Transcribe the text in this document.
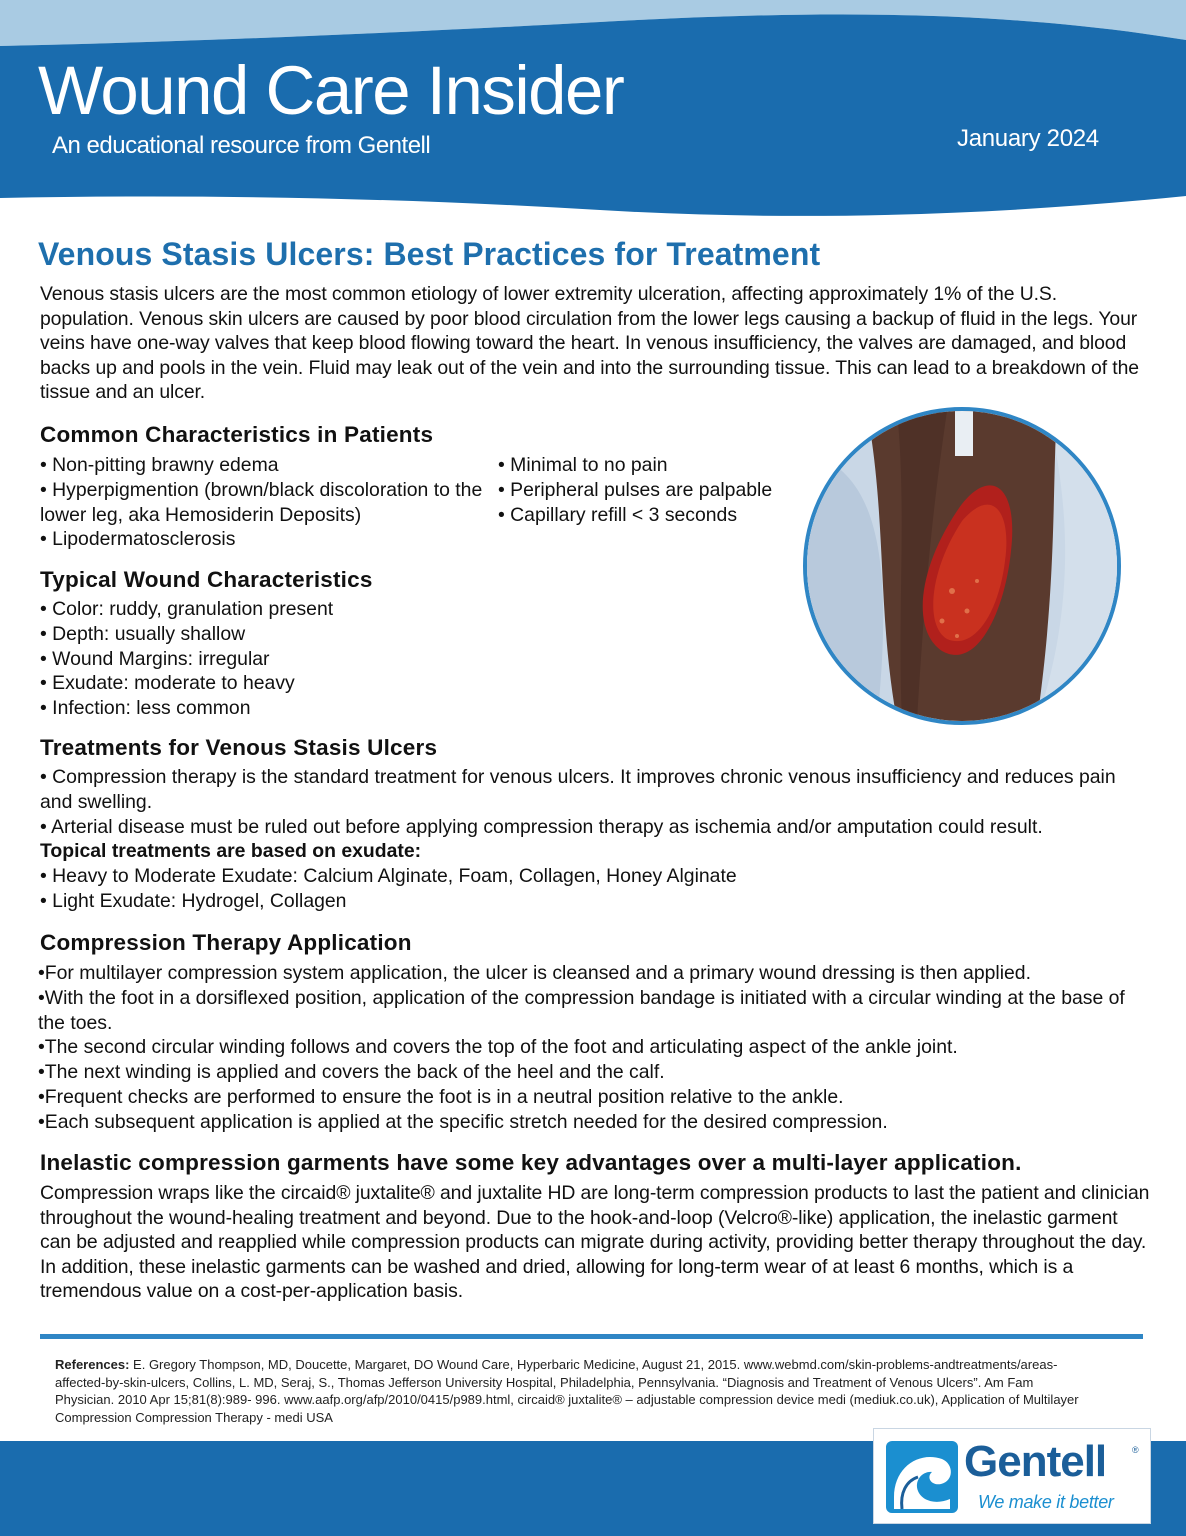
Wound Care Insider
An educational resource from Gentell	January 2024
Venous Stasis Ulcers: Best Practices for Treatment

Venous stasis ulcers are the most common etiology of lower extremity ulceration, affecting approximately 1% of the U.S. population. Venous skin ulcers are caused by poor blood circulation from the lower legs causing a backup of fluid in the legs. Your veins have one-way valves that keep blood flowing toward the heart. In venous insufficiency, the valves are damaged, and blood backs up and pools in the vein. Fluid may leak out of the vein and into the surrounding tissue. This can lead to a breakdown of the tissue and an ulcer.

Common Characteristics in Patients
• Non-pitting brawny edema
• Hyperpigmention (brown/black discoloration to the lower leg, aka Hemosiderin Deposits)
• Lipodermatosclerosis
• Minimal to no pain
• Peripheral pulses are palpable
• Capillary refill < 3 seconds
Typical Wound Characteristics
• Color: ruddy, granulation present
• Depth: usually shallow
• Wound Margins: irregular
• Exudate: moderate to heavy
• Infection: less common
Treatments for Venous Stasis Ulcers
• Compression therapy is the standard treatment for venous ulcers. It improves chronic venous insufficiency and reduces pain and swelling.
• Arterial disease must be ruled out before applying compression therapy as ischemia and/or amputation could result.
Topical treatments are based on exudate:
• Heavy to Moderate Exudate: Calcium Alginate, Foam, Collagen, Honey Alginate
• Light Exudate: Hydrogel, Collagen
Compression Therapy Application
•For multilayer compression system application, the ulcer is cleansed and a primary wound dressing is then applied.
•With the foot in a dorsiflexed position, application of the compression bandage is initiated with a circular winding at the base of the toes.
•The second circular winding follows and covers the top of the foot and articulating aspect of the ankle joint.
•The next winding is applied and covers the back of the heel and the calf.
•Frequent checks are performed to ensure the foot is in a neutral position relative to the ankle.
•Each subsequent application is applied at the specific stretch needed for the desired compression.
Inelastic compression garments have some key advantages over a multi-layer application.

Compression wraps like the circaid® juxtalite® and juxtalite HD are long-term compression products to last the patient and clinician throughout the wound-healing treatment and beyond. Due to the hook-and-loop (Velcro®-like) application, the inelastic garment can be adjusted and reapplied while compression products can migrate during activity, providing better therapy throughout the day. In addition, these inelastic garments can be washed and dried, allowing for long-term wear of at least 6 months, which is a tremendous value on a cost-per-application basis.

References: E. Gregory Thompson, MD, Doucette, Margaret, DO Wound Care, Hyperbaric Medicine, August 21, 2015. www.webmd.com/skin-problems-andtreatments/areas-affected-by-skin-ulcers, Collins, L. MD, Seraj, S., Thomas Jefferson University Hospital, Philadelphia, Pennsylvania. “Diagnosis and Treatment of Venous Ulcers”. Am Fam Physician. 2010 Apr 15;81(8):989- 996. www.aafp.org/afp/2010/0415/p989.html, circaid® juxtalite® – adjustable compression device medi (mediuk.co.uk), Application of Multilayer Compression Compression Therapy - medi USA

Gentell	®
We make it better
